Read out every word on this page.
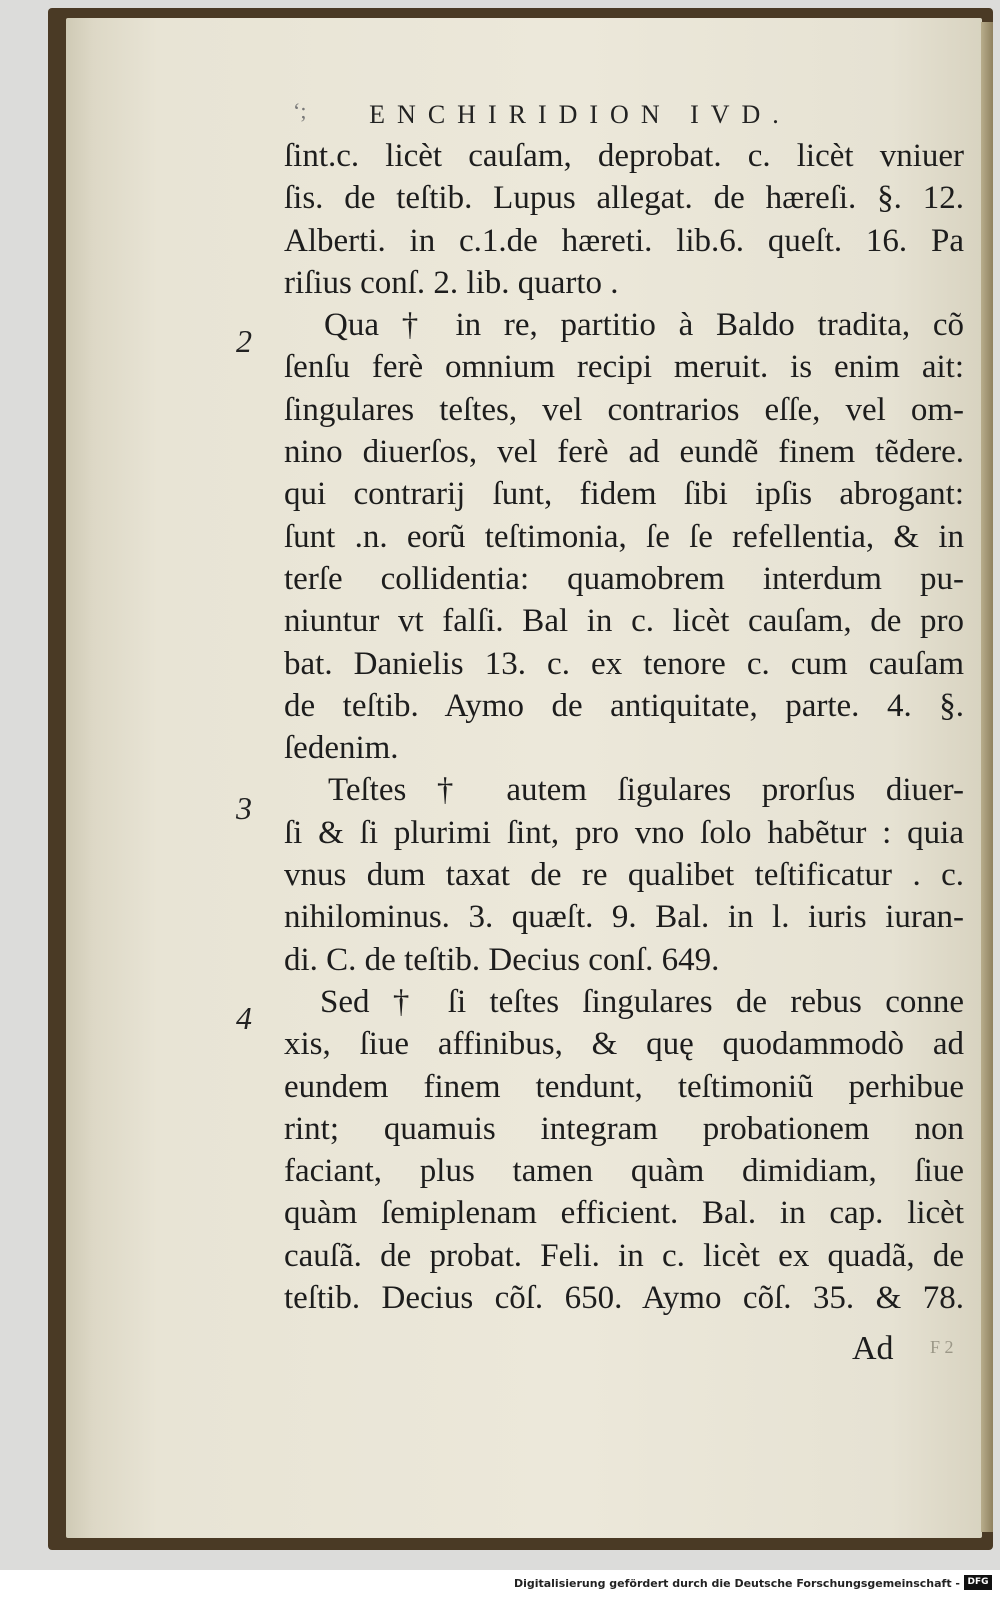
‘;	ENCHIRIDION IVD.
2
3
4
ſint.c. licèt cauſam, deprobat. c. licèt vniuer
ſis. de teſtib. Lupus allegat. de hæreſi. §. 12.
Alberti. in c.1.de hæreti. lib.6. queſt. 16. Pa
riſius conſ. 2. lib. quarto .
Qua † in re, partitio à Baldo tradita, cõ
ſenſu ferè omnium recipi meruit. is enim ait:
ſingulares teſtes, vel contrarios eſſe, vel om-
nino diuerſos, vel ferè ad eundẽ finem tẽdere.
qui contrarij ſunt, fidem ſibi ipſis abrogant:
ſunt .n. eorũ teſtimonia, ſe ſe refellentia, & in
terſe collidentia: quamobrem interdum pu-
niuntur vt falſi. Bal in c. licèt cauſam, de pro
bat. Danielis 13. c. ex tenore c. cum cauſam
de teſtib. Aymo de antiquitate, parte. 4. §.
ſedenim.
Teſtes † autem ſigulares prorſus diuer-
ſi & ſi plurimi ſint, pro vno ſolo habẽtur : quia
vnus dum taxat de re qualibet teſtificatur . c.
nihilominus. 3. quæſt. 9. Bal. in l. iuris iuran-
di. C. de teſtib. Decius conſ. 649.
Sed † ſi teſtes ſingulares de rebus conne
xis, ſiue affinibus, & quę quodammodò ad
eundem finem tendunt, teſtimoniũ perhibue
rint; quamuis integram probationem non
faciant, plus tamen quàm dimidiam, ſiue
quàm ſemiplenam efficient. Bal. in cap. licèt
cauſã. de probat. Feli. in c. licèt ex quadã, de
teſtib. Decius cõſ. 650. Aymo cõſ. 35. & 78.
F 2
Ad
Digitalisierung gefördert durch die Deutsche Forschungsgemeinschaft - DFG
